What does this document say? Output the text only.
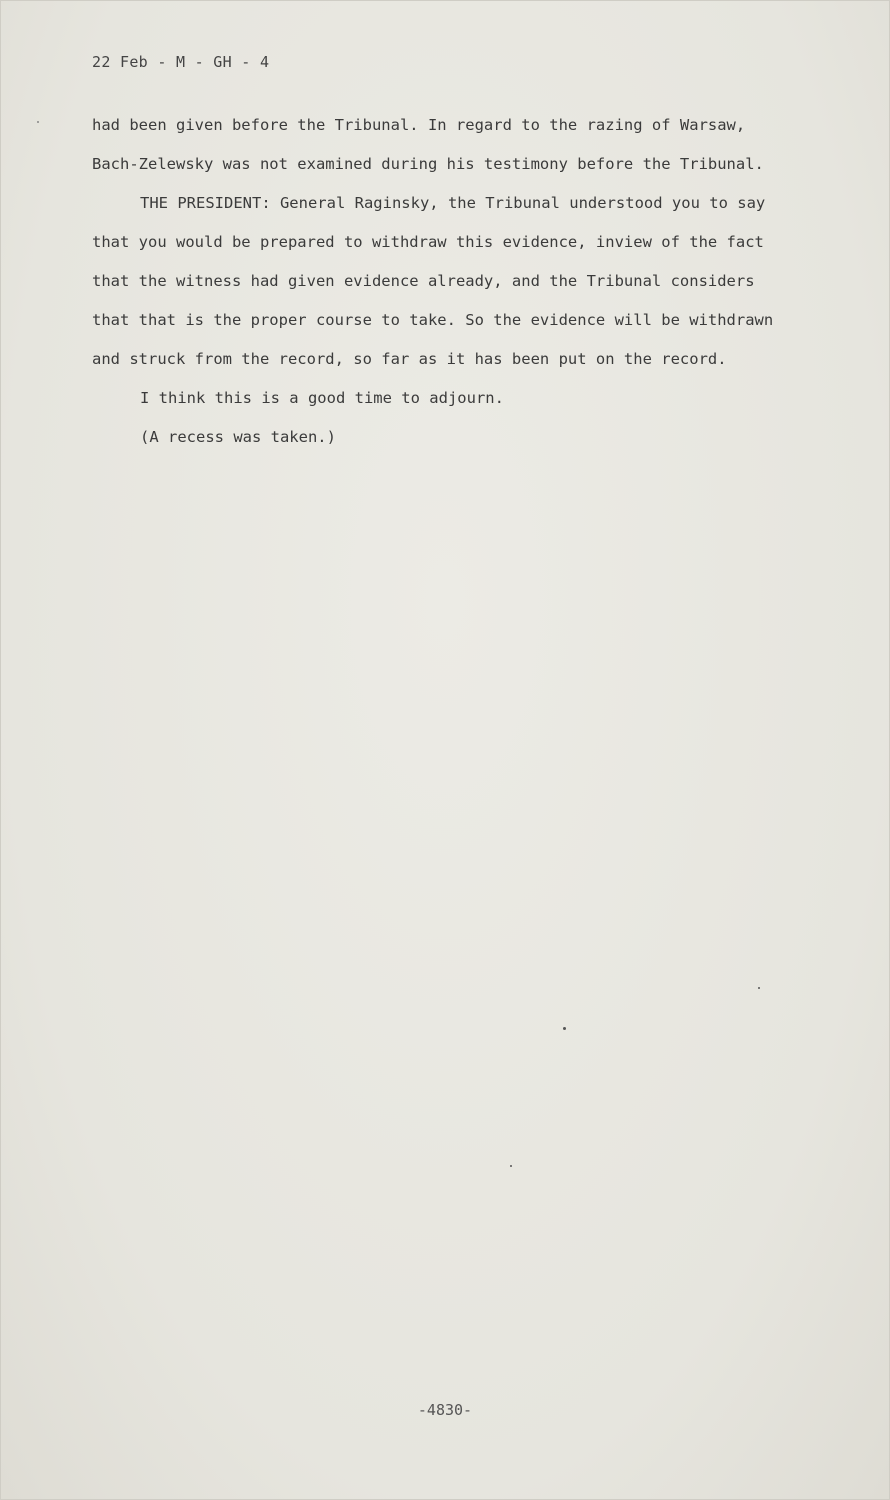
22 Feb - M - GH - 4
had been given before the Tribunal. In regard to the razing of Warsaw,
Bach-Zelewsky was not examined during his testimony before the Tribunal.
THE PRESIDENT: General Raginsky, the Tribunal understood you to say
that you would be prepared to withdraw this evidence, inview of the fact
that the witness had given evidence already, and the Tribunal considers
that that is the proper course to take. So the evidence will be withdrawn
and struck from the record, so far as it has been put on the record.
I think this is a good time to adjourn.
(A recess was taken.)
-4830-
